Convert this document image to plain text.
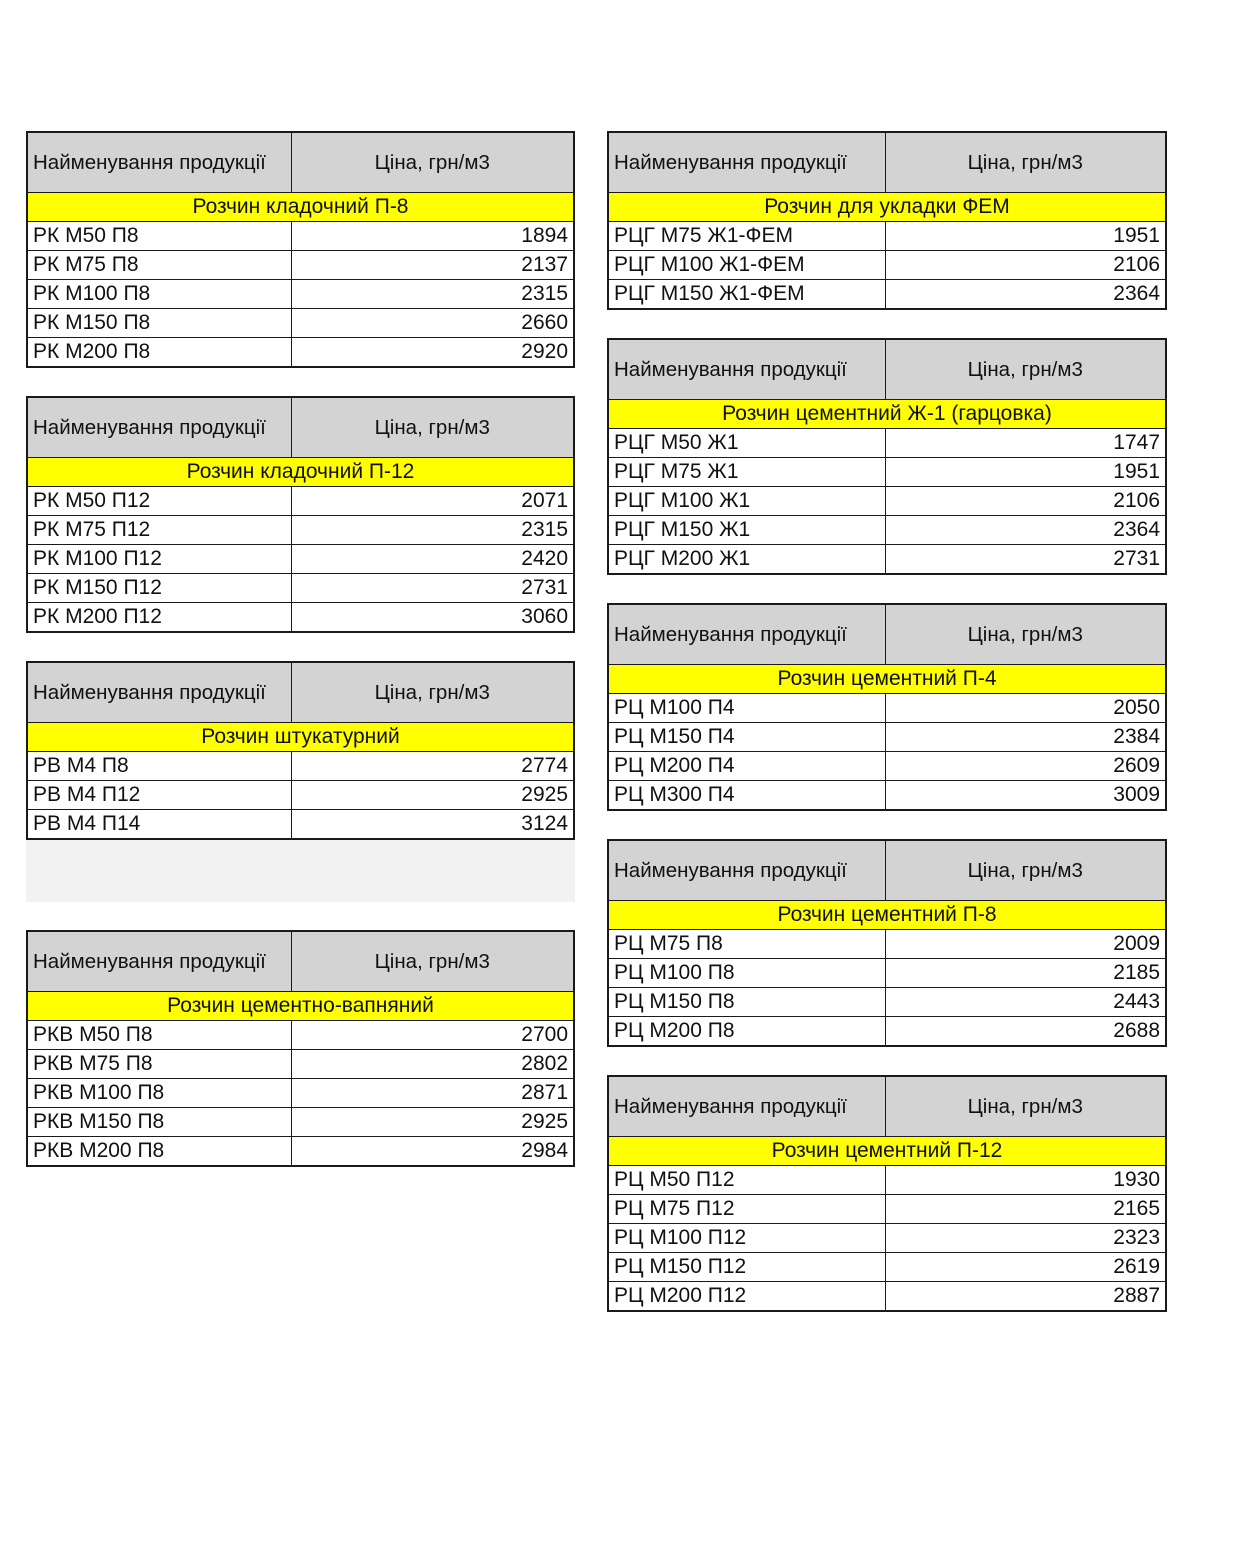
Найменування продукції	Ціна, грн/м3
Розчин кладочний П-8	
РК М50 П8	1894
РК М75 П8	2137
РК М100 П8	2315
РК М150 П8	2660
РК М200 П8	2920
Найменування продукції	Ціна, грн/м3
Розчин кладочний П-12	
РК М50 П12	2071
РК М75 П12	2315
РК М100 П12	2420
РК М150 П12	2731
РК М200 П12	3060
Найменування продукції	Ціна, грн/м3
Розчин штукатурний	
РВ М4 П8	2774
РВ М4 П12	2925
РВ М4 П14	3124
Найменування продукції	Ціна, грн/м3
Розчин цементно-вапняний	
РКВ М50 П8	2700
РКВ М75 П8	2802
РКВ М100 П8	2871
РКВ М150 П8	2925
РКВ М200 П8	2984
Найменування продукції	Ціна, грн/м3
Розчин для укладки ФЕМ	
РЦГ М75 Ж1-ФЕМ	1951
РЦГ М100 Ж1-ФЕМ	2106
РЦГ М150 Ж1-ФЕМ	2364
Найменування продукції	Ціна, грн/м3
Розчин цементний Ж-1 (гарцовка)	
РЦГ М50 Ж1	1747
РЦГ М75 Ж1	1951
РЦГ М100 Ж1	2106
РЦГ М150 Ж1	2364
РЦГ М200 Ж1	2731
Найменування продукції	Ціна, грн/м3
Розчин цементний П-4	
РЦ М100 П4	2050
РЦ М150 П4	2384
РЦ М200 П4	2609
РЦ М300 П4	3009
Найменування продукції	Ціна, грн/м3
Розчин цементний П-8	
РЦ М75 П8	2009
РЦ М100 П8	2185
РЦ М150 П8	2443
РЦ М200 П8	2688
Найменування продукції	Ціна, грн/м3
Розчин цементний П-12	
РЦ М50 П12	1930
РЦ М75 П12	2165
РЦ М100 П12	2323
РЦ М150 П12	2619
РЦ М200 П12	2887
